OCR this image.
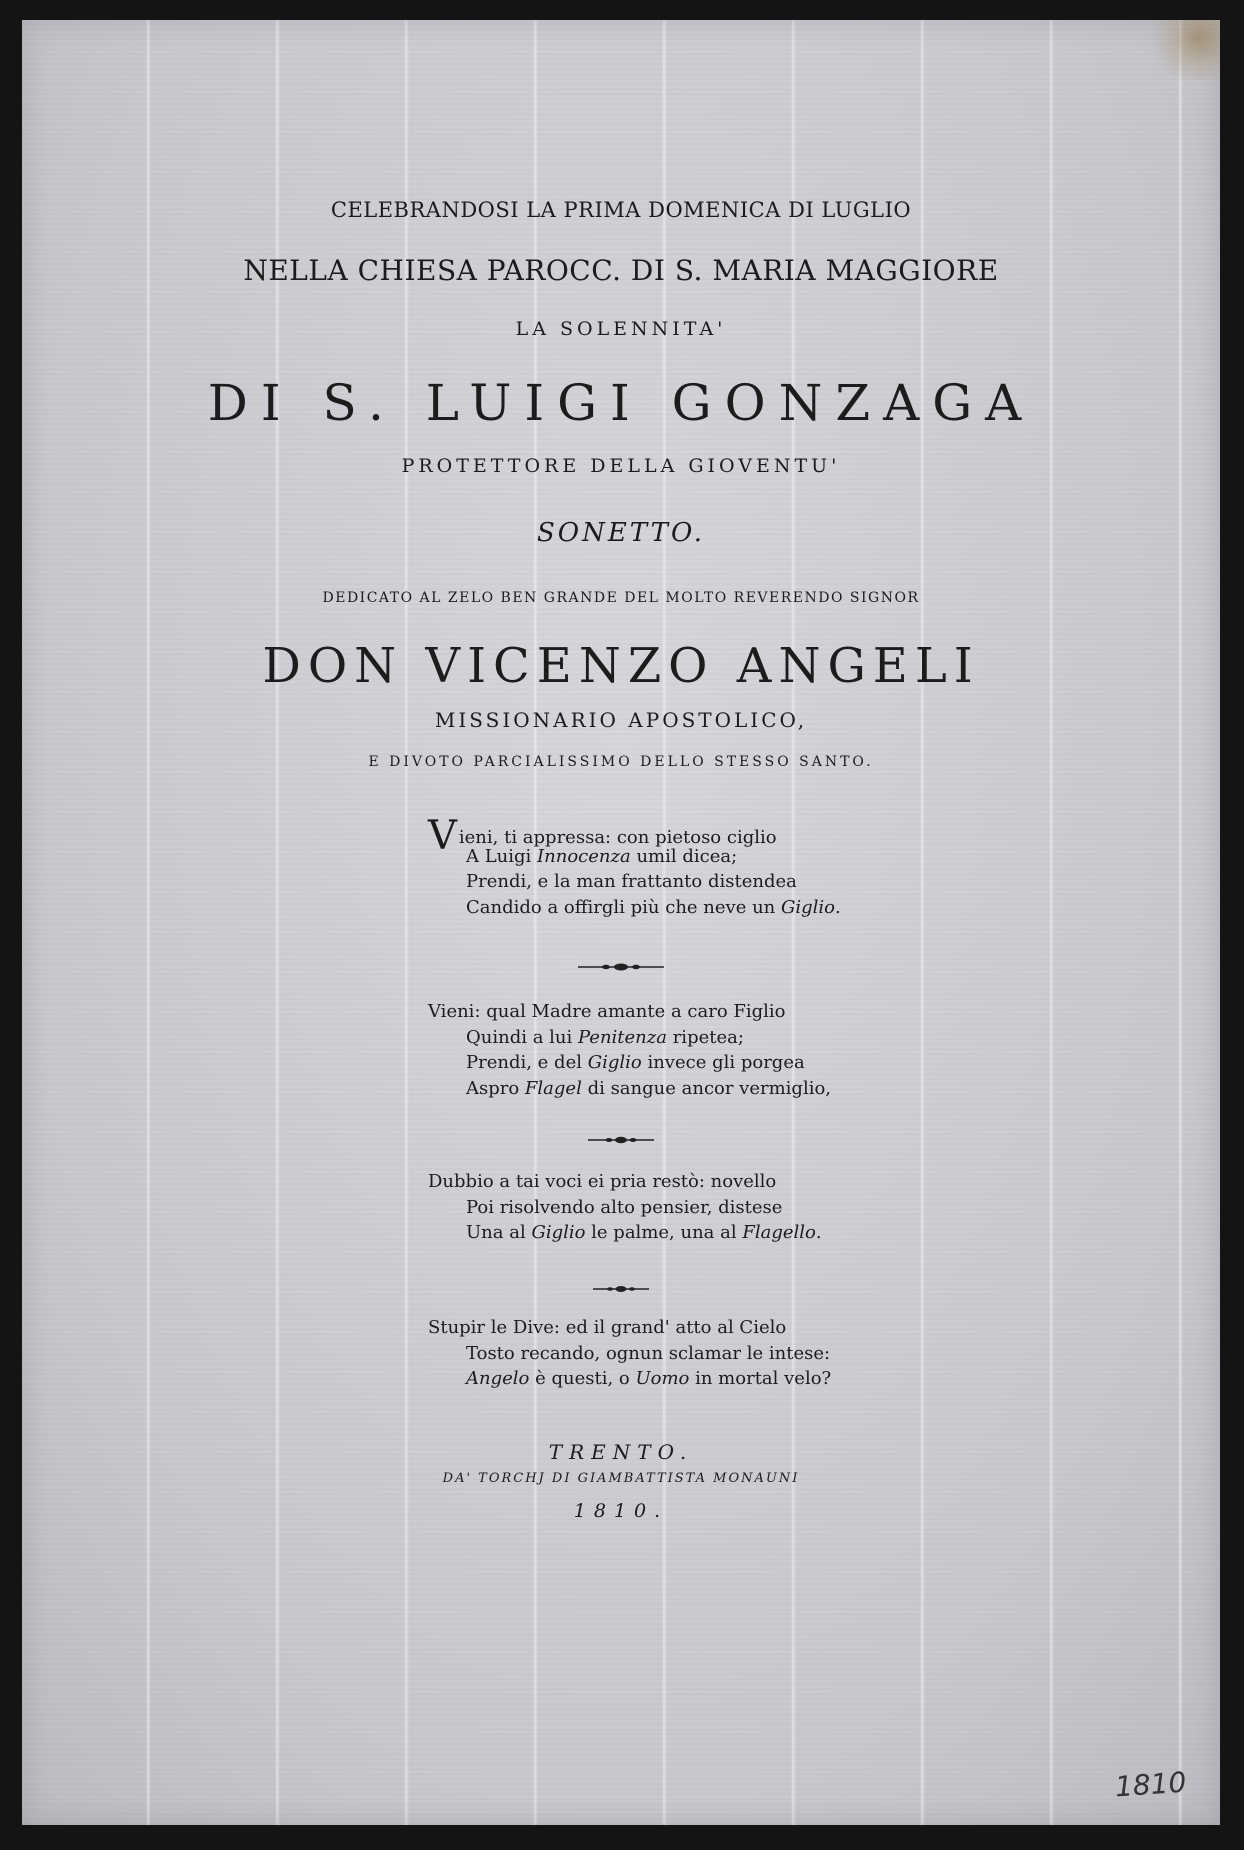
CELEBRANDOSI LA PRIMA DOMENICA DI LUGLIO
NELLA CHIESA PAROCC. DI S. MARIA MAGGIORE
LA SOLENNITA'
DI S. LUIGI GONZAGA
PROTETTORE DELLA GIOVENTU'
SONETTO.
DEDICATO AL ZELO BEN GRANDE DEL MOLTO REVERENDO SIGNOR
DON VICENZO ANGELI
MISSIONARIO APOSTOLICO,
E DIVOTO PARCIALISSIMO DELLO STESSO SANTO.
Vieni, ti appressa: con pietoso ciglio
A Luigi Innocenza umil dicea;
Prendi, e la man frattanto distendea
Candido a offirgli più che neve un Giglio.
Vieni: qual Madre amante a caro Figlio
Quindi a lui Penitenza ripetea;
Prendi, e del Giglio invece gli porgea
Aspro Flagel di sangue ancor vermiglio,
Dubbio a tai voci ei pria restò: novello
Poi risolvendo alto pensier, distese
Una al Giglio le palme, una al Flagello.
Stupir le Dive: ed il grand' atto al Cielo
Tosto recando, ognun sclamar le intese:
Angelo è questi, o Uomo in mortal velo?
TRENTO.
DA' TORCHJ DI GIAMBATTISTA MONAUNI
1810.
1810
